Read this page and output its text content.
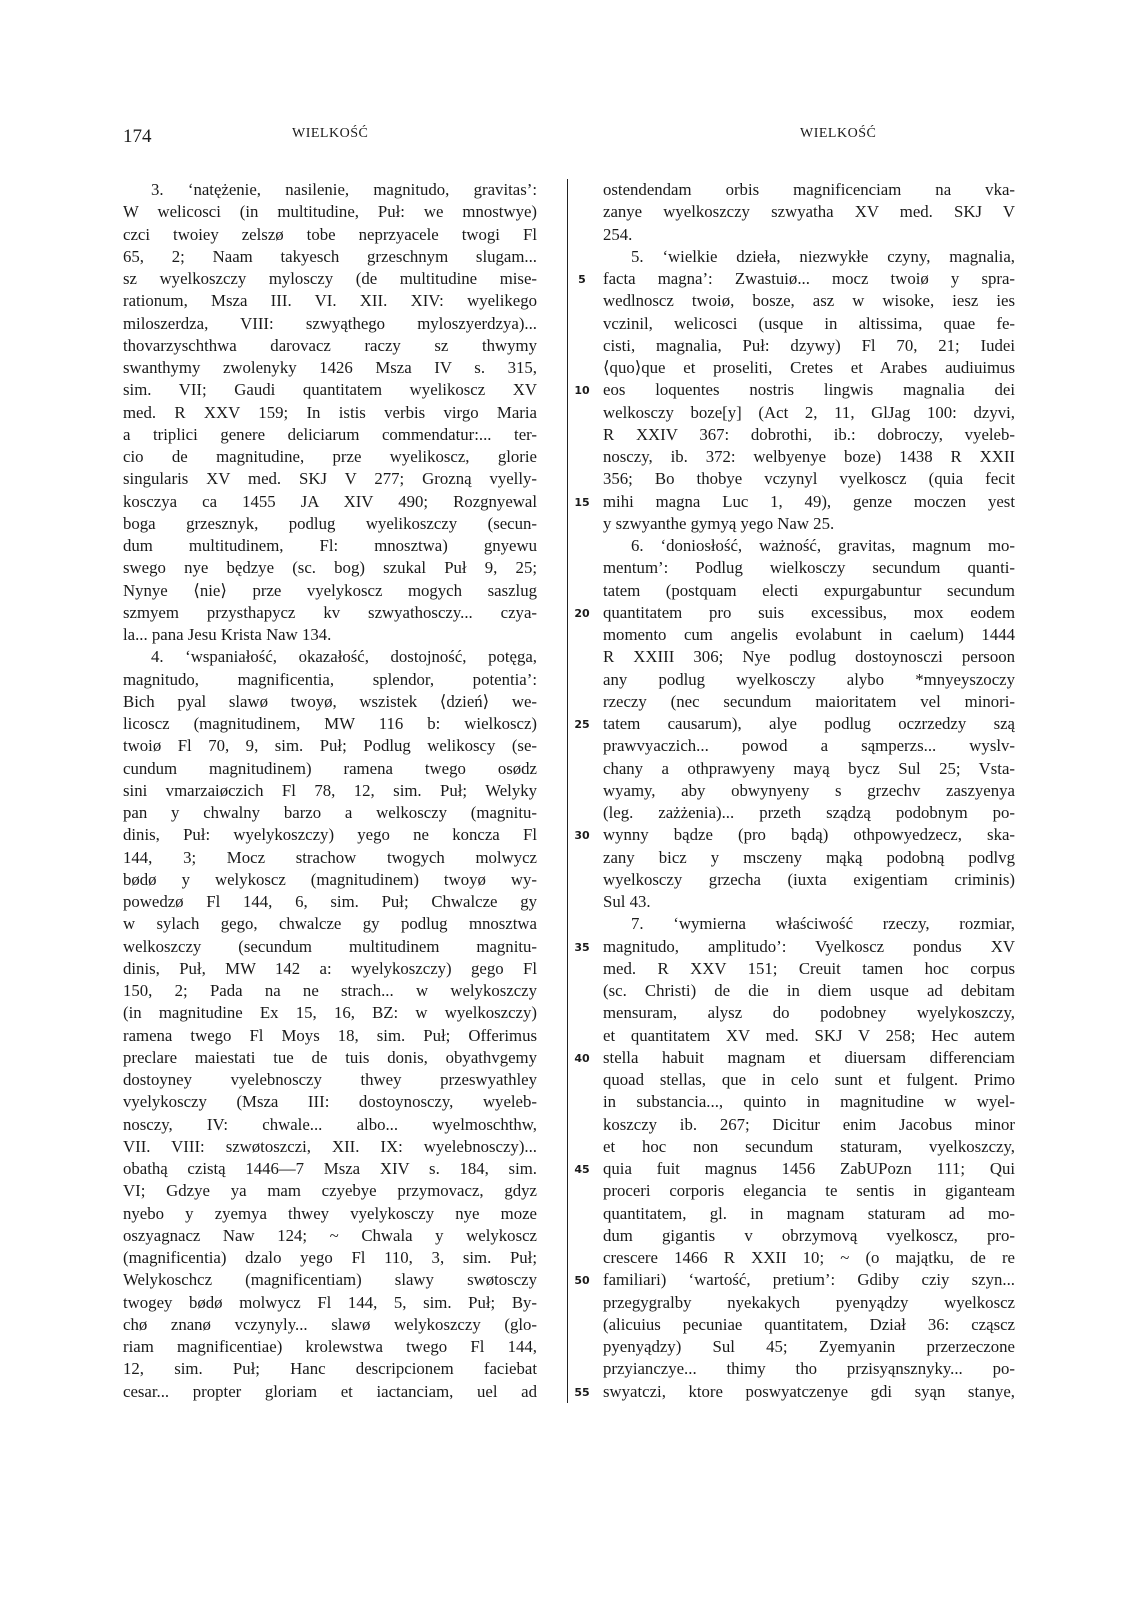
174	WIELKOŚĆ	WIELKOŚĆ
3. ‘natężenie, nasilenie, magnitudo, gravitas’:
W welicosci (in multitudine, Puł: we mnostwye)
czci twoiey zelszø tobe neprzyacele twogi Fl
65, 2; Naam takyesch grzeschnym slugam...
sz wyelkoszczy mylosczy (de multitudine mise-
rationum, Msza III. VI. XII. XIV: wyelikego
miloszerdza, VIII: szwyąthego myloszyerdzya)...
thovarzyschthwa darovacz raczy sz thwymy
swanthymy zwolenyky 1426 Msza IV s. 315,
sim. VII; Gaudi quantitatem wyelikoscz XV
med. R XXV 159; In istis verbis virgo Maria
a triplici genere deliciarum commendatur:... ter-
cio de magnitudine, prze wyelikoscz, glorie
singularis XV med. SKJ V 277; Grozną vyelly-
kosczya ca 1455 JA XIV 490; Rozgnyewal
boga grzesznyk, podlug wyelikoszczy (secun-
dum multitudinem, Fl: mnosztwa) gnyewu
swego nye będzye (sc. bog) szukal Puł 9, 25;
Nynye ⟨nie⟩ prze vyelykoscz mogych saszlug
szmyem przysthapycz kv szwyathosczy... czya-
la... pana Jesu Krista Naw 134.
4. ‘wspaniałość, okazałość, dostojność, potęga,
magnitudo, magnificentia, splendor, potentia’:
Bich pyal slawø twoyø, wszistek ⟨dzień⟩ we-
licoscz (magnitudinem, MW 116 b: wielkoscz)
twoiø Fl 70, 9, sim. Puł; Podlug welikoscy (se-
cundum magnitudinem) ramena twego osødz
sini vmarzaiøczich Fl 78, 12, sim. Puł; Welyky
pan y chwalny barzo a welkosczy (magnitu-
dinis, Puł: wyelykoszczy) yego ne koncza Fl
144, 3; Mocz strachow twogych molwycz
bødø y welykoscz (magnitudinem) twoyø wy-
powedzø Fl 144, 6, sim. Puł; Chwalcze gy
w sylach gego, chwalcze gy podlug mnosztwa
welkoszczy (secundum multitudinem magnitu-
dinis, Puł, MW 142 a: wyelykoszczy) gego Fl
150, 2; Pada na ne strach... w welykoszczy
(in magnitudine Ex 15, 16, BZ: w wyelkoszczy)
ramena twego Fl Moys 18, sim. Puł; Offerimus
preclare maiestati tue de tuis donis, obyathvgemy
dostoyney vyelebnosczy thwey przeswyathley
vyelykosczy (Msza III: dostoynosczy, wyeleb-
nosczy, IV: chwale... albo... wyelmoschthw,
VII. VIII: szwøtoszczi, XII. IX: wyelebnosczy)...
obathą czistą 1446—7 Msza XIV s. 184, sim.
VI; Gdzye ya mam czyebye przymovacz, gdyz
nyebo y zyemya thwey vyelykosczy nye moze
oszyagnacz Naw 124; ~ Chwala y welykoscz
(magnificentia) dzalo yego Fl 110, 3, sim. Puł;
Welykoschcz (magnificentiam) slawy swøtosczy
twogey bødø molwycz Fl 144, 5, sim. Puł; By-
chø znanø vczynyly... slawø welykoszczy (glo-
riam magnificentiae) krolewstwa twego Fl 144,
12, sim. Puł; Hanc descripcionem faciebat
cesar... propter gloriam et iactanciam, uel ad
5
10
15
20
25
30
35
40
45
50
55
ostendendam orbis magnificenciam na vka-
zanye wyelkoszczy szwyatha XV med. SKJ V
254.
5. ‘wielkie dzieła, niezwykłe czyny, magnalia,
facta magna’: Zwastuiø... mocz twoiø y spra-
wedlnoscz twoiø, bosze, asz w wisoke, iesz ies
vczinil, welicosci (usque in altissima, quae fe-
cisti, magnalia, Puł: dzywy) Fl 70, 21; Iudei
⟨quo⟩que et proseliti, Cretes et Arabes audiuimus
eos loquentes nostris lingwis magnalia dei
welkosczy boze[y] (Act 2, 11, GlJag 100: dzyvi,
R XXIV 367: dobrothi, ib.: dobroczy, vyeleb-
nosczy, ib. 372: welbyenye boze) 1438 R XXII
356; Bo thobye vczynyl vyelkoscz (quia fecit
mihi magna Luc 1, 49), genze moczen yest
y szwyanthe gymyą yego Naw 25.
6. ‘doniosłość, ważność, gravitas, magnum mo-
mentum’: Podlug wielkosczy secundum quanti-
tatem (postquam electi expurgabuntur secundum
quantitatem pro suis excessibus, mox eodem
momento cum angelis evolabunt in caelum) 1444
R XXIII 306; Nye podlug dostoynosczi persoon
any podlug wyelkosczy alybo *mnyeyszoczy
rzeczy (nec secundum maioritatem vel minori-
tatem causarum), alye podlug oczrzedzy szą
prawvyaczich... powod a sąmperzs... wyslv-
chany a othprawyeny mayą bycz Sul 25; Vsta-
wyamy, aby obwynyeny s grzechv zaszyenya
(leg. zażżenia)... przeth sządzą podobnym po-
wynny bądze (pro bądą) othpowyedzecz, ska-
zany bicz y msczeny mąką podobną podlvg
wyelkosczy grzecha (iuxta exigentiam criminis)
Sul 43.
7. ‘wymierna właściwość rzeczy, rozmiar,
magnitudo, amplitudo’: Vyelkoscz pondus XV
med. R XXV 151; Creuit tamen hoc corpus
(sc. Christi) de die in diem usque ad debitam
mensuram, alysz do podobney wyelykoszczy,
et quantitatem XV med. SKJ V 258; Hec autem
stella habuit magnam et diuersam differenciam
quoad stellas, que in celo sunt et fulgent. Primo
in substancia..., quinto in magnitudine w wyel-
koszczy ib. 267; Dicitur enim Jacobus minor
et hoc non secundum staturam, vyelkoszczy,
quia fuit magnus 1456 ZabUPozn 111; Qui
proceri corporis elegancia te sentis in giganteam
quantitatem, gl. in magnam staturam ad mo-
dum gigantis v obrzymovą vyelkoscz, pro-
crescere 1466 R XXII 10; ~ (o majątku, de re
familiari) ‘wartość, pretium’: Gdiby cziy szyn...
przegygralby nyekakych pyenyądzy wyelkoscz
(alicuius pecuniae quantitatem, Dział 36: cząscz
pyenyądzy) Sul 45; Zyemyanin przerzeczone
przyianczye... thimy tho przisyąnsznyky... po-
swyatczi, ktore poswyatczenye gdi syąn stanye,
